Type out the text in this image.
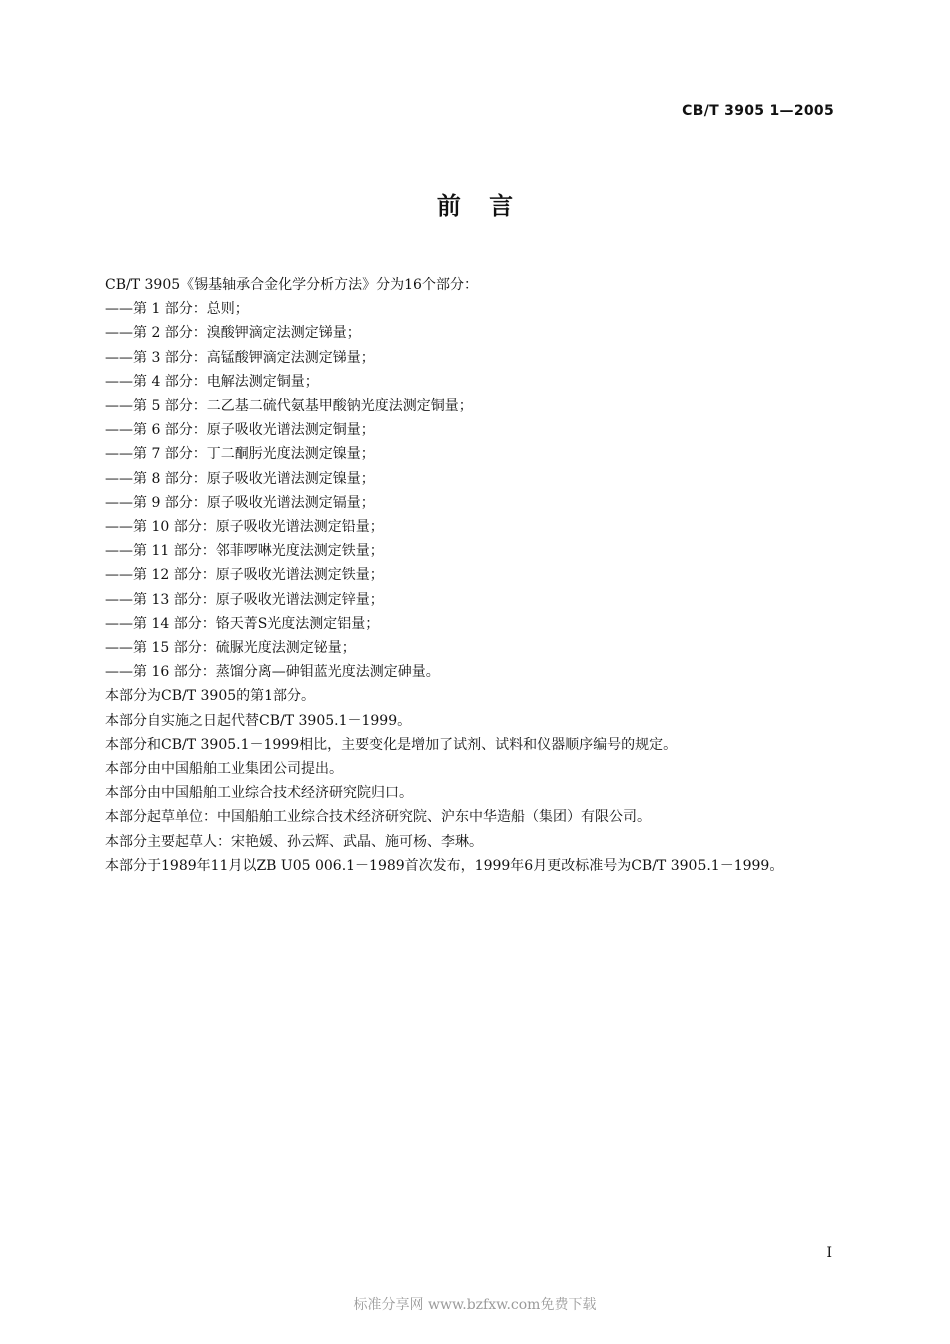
CB/T 3905 1—2005
前 言
CB/T 3905《锡基轴承合金化学分析方法》分为16个部分：
——第 1 部分：总则；
——第 2 部分：溴酸钾滴定法测定锑量；
——第 3 部分：高锰酸钾滴定法测定锑量；
——第 4 部分：电解法测定铜量；
——第 5 部分：二乙基二硫代氨基甲酸钠光度法测定铜量；
——第 6 部分：原子吸收光谱法测定铜量；
——第 7 部分：丁二酮肟光度法测定镍量；
——第 8 部分：原子吸收光谱法测定镍量；
——第 9 部分：原子吸收光谱法测定镉量；
——第 10 部分：原子吸收光谱法测定铅量；
——第 11 部分：邻菲啰啉光度法测定铁量；
——第 12 部分：原子吸收光谱法测定铁量；
——第 13 部分：原子吸收光谱法测定锌量；
——第 14 部分：铬天菁S光度法测定铝量；
——第 15 部分：硫脲光度法测定铋量；
——第 16 部分：蒸馏分离—砷钼蓝光度法测定砷量。
本部分为CB/T 3905的第1部分。
本部分自实施之日起代替CB/T 3905.1－1999。
本部分和CB/T 3905.1－1999相比，主要变化是增加了试剂、试料和仪器顺序编号的规定。
本部分由中国船舶工业集团公司提出。
本部分由中国船舶工业综合技术经济研究院归口。
本部分起草单位：中国船舶工业综合技术经济研究院、沪东中华造船（集团）有限公司。
本部分主要起草人：宋艳媛、孙云辉、武晶、施可杨、李琳。
本部分于1989年11月以ZB U05 006.1－1989首次发布，1999年6月更改标准号为CB/T 3905.1－1999。
I
标准分享网 www.bzfxw.com免费下载
